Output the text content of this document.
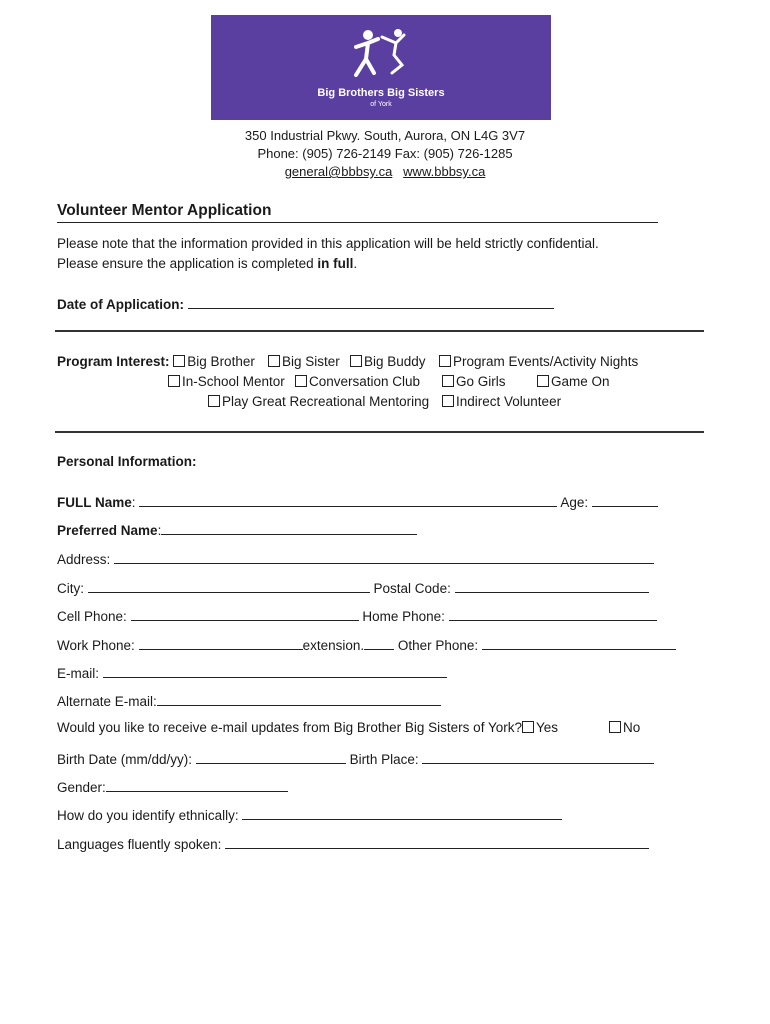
Big Brothers Big Sisters
of York
350 Industrial Pkwy. South, Aurora, ON L4G 3V7
Phone: (905) 726-2149 Fax: (905) 726-1285
general@bbbsy.ca www.bbbsy.ca
Volunteer Mentor Application
Please note that the information provided in this application will be held strictly confidential.
Please ensure the application is completed in full.
Date of Application:
Program Interest: Big Brother	Big Sister	Big Buddy	Program Events/Activity Nights
In-School Mentor	Conversation Club	Go Girls	Game On
Play Great Recreational Mentoring	Indirect Volunteer
Personal Information:
FULL Name:	Age:
Preferred Name:
Address:
City:	Postal Code:
Cell Phone:	Home Phone:
Work Phone:	extension.	Other Phone:
E-mail:
Alternate E-mail:
Would you like to receive e-mail updates from Big Brother Big Sisters of York? Yes	No
Birth Date (mm/dd/yy):	Birth Place:
Gender:
How do you identify ethnically:
Languages fluently spoken:
